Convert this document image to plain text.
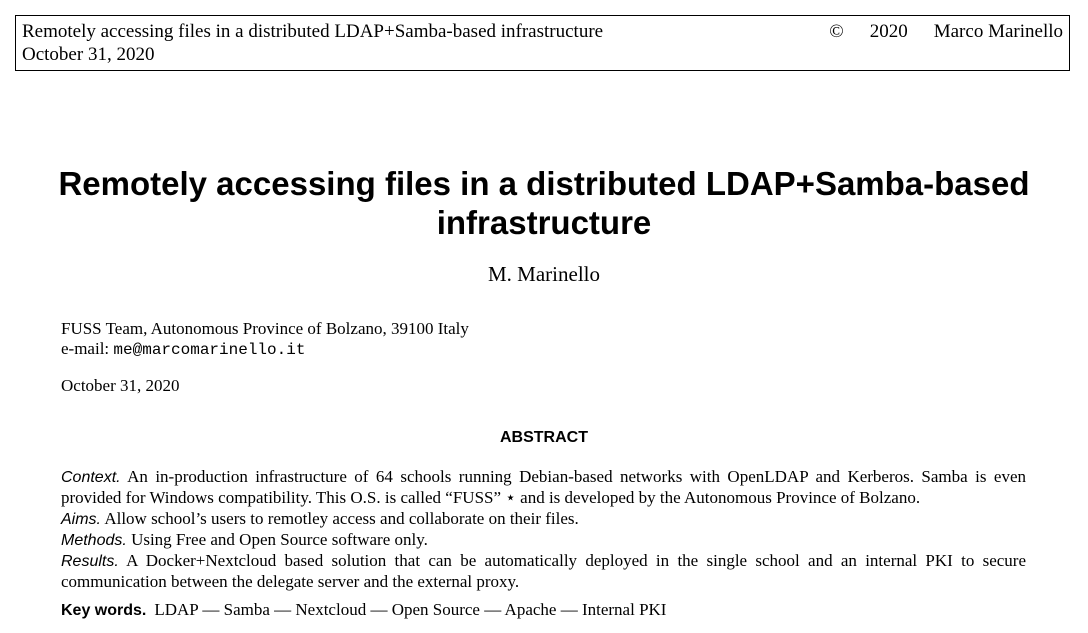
Remotely accessing files in a distributed LDAP+Samba-based infrastructure
October 31, 2020
© 2020 Marco Marinello
Remotely accessing files in a distributed LDAP+Samba-based infrastructure
M. Marinello
FUSS Team, Autonomous Province of Bolzano, 39100 Italy
e-mail: me@marcomarinello.it
October 31, 2020
ABSTRACT

Context. An in-production infrastructure of 64 schools running Debian-based networks with OpenLDAP and Kerberos. Samba is even provided for Windows compatibility. This O.S. is called “FUSS” ⋆ and is developed by the Autonomous Province of Bolzano.

Aims. Allow school’s users to remotley access and collaborate on their files.

Methods. Using Free and Open Source software only.

Results. A Docker+Nextcloud based solution that can be automatically deployed in the single school and an internal PKI to secure communication between the delegate server and the external proxy.

Key words. LDAP — Samba — Nextcloud — Open Source — Apache — Internal PKI
